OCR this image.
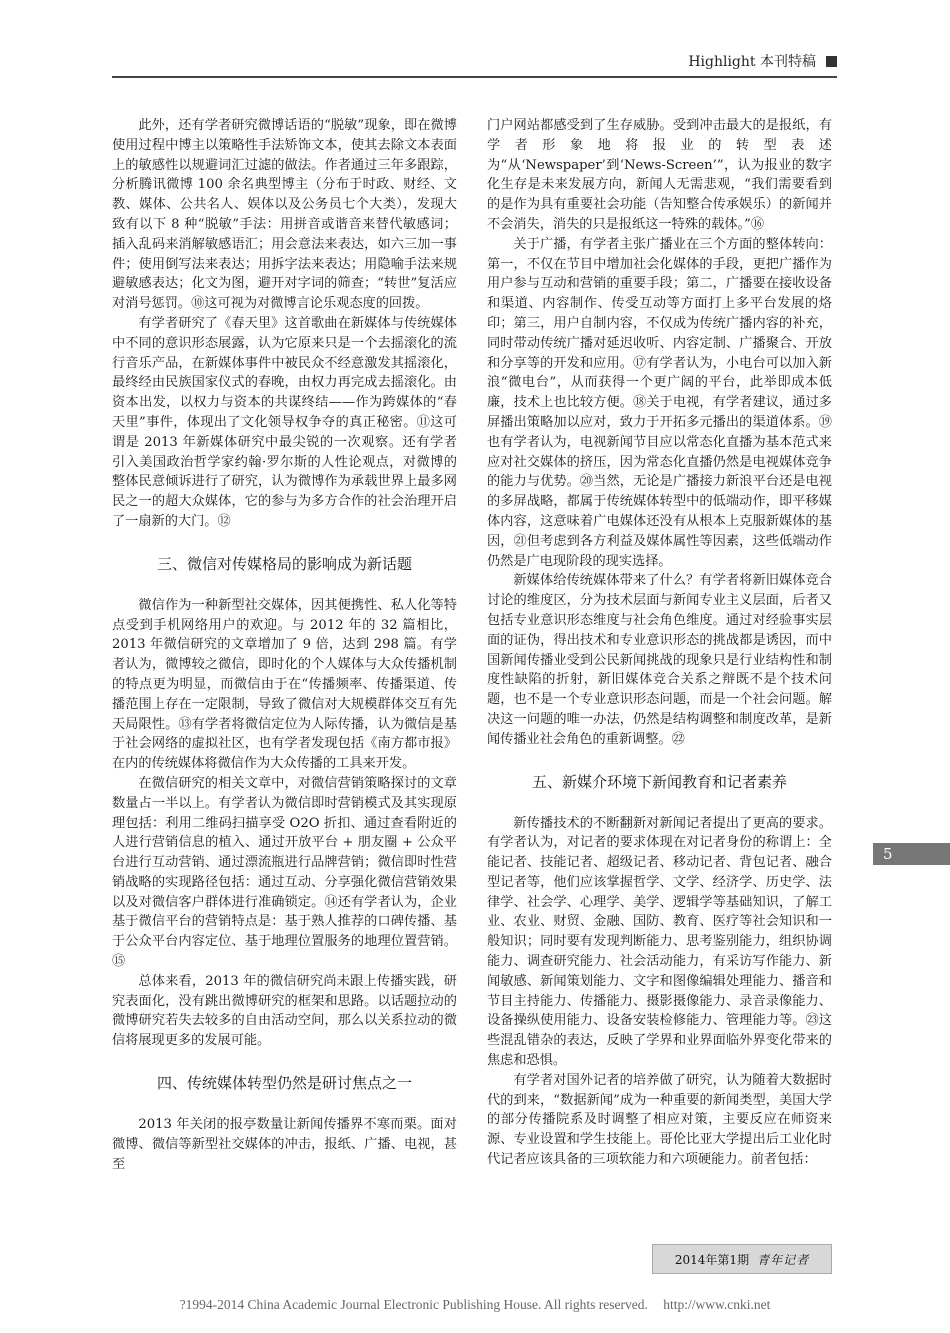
Highlight 本刊特稿

此外，还有学者研究微博话语的“脱敏”现象，即在微博使用过程中博主以策略性手法矫饰文本，使其去除文本表面上的敏感性以规避词汇过滤的做法。作者通过三年多跟踪，分析腾讯微博 100 余名典型博主（分布于时政、财经、文教、媒体、公共名人、娱体以及公务员七个大类），发现大致有以下 8 种“脱敏”手法：用拼音或谐音来替代敏感词；插入乱码来消解敏感语汇；用会意法来表达，如六三加一事件；使用倒写法来表达；用拆字法来表达；用隐喻手法来规避敏感表达；化文为图，避开对字词的筛查；“转世”复活应对消号惩罚。⑩这可视为对微博言论乐观态度的回拨。

有学者研究了《春天里》这首歌曲在新媒体与传统媒体中不同的意识形态展露，认为它原来只是一个去摇滚化的流行音乐产品，在新媒体事件中被民众不经意激发其摇滚化，最终经由民族国家仪式的春晚，由权力再完成去摇滚化。由资本出发，以权力与资本的共谋终结——作为跨媒体的“春天里”事件，体现出了文化领导权争夺的真正秘密。⑪这可谓是 2013 年新媒体研究中最尖锐的一次观察。还有学者引入美国政治哲学家约翰·罗尔斯的人性论观点，对微博的整体民意倾诉进行了研究，认为微博作为承载世界上最多网民之一的超大众媒体，它的参与为多方合作的社会治理开启了一扇新的大门。⑫

三、微信对传媒格局的影响成为新话题

微信作为一种新型社交媒体，因其便携性、私人化等特点受到手机网络用户的欢迎。与 2012 年的 32 篇相比，2013 年微信研究的文章增加了 9 倍，达到 298 篇。有学者认为，微博较之微信，即时化的个人媒体与大众传播机制的特点更为明显，而微信由于在“传播频率、传播渠道、传播范围上存在一定限制，导致了微信对大规模群体交互有先天局限性。⑬有学者将微信定位为人际传播，认为微信是基于社会网络的虚拟社区，也有学者发现包括《南方都市报》在内的传统媒体将微信作为大众传播的工具来开发。

在微信研究的相关文章中，对微信营销策略探讨的文章数量占一半以上。有学者认为微信即时营销模式及其实现原理包括：利用二维码扫描享受 O2O 折扣、通过查看附近的人进行营销信息的植入、通过开放平台 + 朋友圈 + 公众平台进行互动营销、通过漂流瓶进行品牌营销；微信即时性营销战略的实现路径包括：通过互动、分享强化微信营销效果以及对微信客户群体进行准确锁定。⑭还有学者认为，企业基于微信平台的营销特点是：基于熟人推荐的口碑传播、基于公众平台内容定位、基于地理位置服务的地理位置营销。⑮

总体来看，2013 年的微信研究尚未跟上传播实践，研究表面化，没有跳出微博研究的框架和思路。以话题拉动的微博研究若失去较多的自由活动空间，那么以关系拉动的微信将展现更多的发展可能。

四、传统媒体转型仍然是研讨焦点之一

2013 年关闭的报亭数量让新闻传播界不寒而栗。面对微博、微信等新型社交媒体的冲击，报纸、广播、电视，甚至

门户网站都感受到了生存威胁。受到冲击最大的是报纸，有学者形象地将报业的转型表述为“从‘Newspaper’到‘News-Screen’”，认为报业的数字化生存是未来发展方向，新闻人无需悲观，“我们需要看到的是作为具有重要社会功能（告知整合传承娱乐）的新闻并不会消失，消失的只是报纸这一特殊的载体。”⑯

关于广播，有学者主张广播业在三个方面的整体转向：第一，不仅在节目中增加社会化媒体的手段，更把广播作为用户参与互动和营销的重要手段；第二，广播要在接收设备和渠道、内容制作、传受互动等方面打上多平台发展的烙印；第三，用户自制内容，不仅成为传统广播内容的补充，同时带动传统广播对延迟收听、内容定制、广播聚合、开放和分享等的开发和应用。⑰有学者认为，小电台可以加入新浪“微电台”，从而获得一个更广阔的平台，此举即成本低廉，技术上也比较方便。⑱关于电视，有学者建议，通过多屏播出策略加以应对，致力于开拓多元播出的渠道体系。⑲也有学者认为，电视新闻节目应以常态化直播为基本范式来应对社交媒体的挤压，因为常态化直播仍然是电视媒体竞争的能力与优势。⑳当然，无论是广播接力新浪平台还是电视的多屏战略，都属于传统媒体转型中的低端动作，即平移媒体内容，这意味着广电媒体还没有从根本上克服新媒体的基因，㉑但考虑到各方利益及媒体属性等因素，这些低端动作仍然是广电现阶段的现实选择。

新媒体给传统媒体带来了什么？有学者将新旧媒体竞合讨论的维度区，分为技术层面与新闻专业主义层面，后者又包括专业意识形态维度与社会角色维度。通过对经验事实层面的证伪，得出技术和专业意识形态的挑战都是诱因，而中国新闻传播业受到公民新闻挑战的现象只是行业结构性和制度性缺陷的折射，新旧媒体竞合关系之辩既不是个技术问题，也不是一个专业意识形态问题，而是一个社会问题。解决这一问题的唯一办法，仍然是结构调整和制度改革，是新闻传播业社会角色的重新调整。㉒

五、新媒介环境下新闻教育和记者素养

新传播技术的不断翻新对新闻记者提出了更高的要求。有学者认为，对记者的要求体现在对记者身份的称谓上：全能记者、技能记者、超级记者、移动记者、背包记者、融合型记者等，他们应该掌握哲学、文学、经济学、历史学、法律学、社会学、心理学、美学、逻辑学等基础知识，了解工业、农业、财贸、金融、国防、教育、医疗等社会知识和一般知识；同时要有发现判断能力、思考鉴别能力，组织协调能力、调查研究能力、社会活动能力，有采访写作能力、新闻敏感、新闻策划能力、文字和图像编辑处理能力、播音和节目主持能力、传播能力、摄影摄像能力、录音录像能力、设备操纵使用能力、设备安装检修能力、管理能力等。㉓这些混乱错杂的表达，反映了学界和业界面临外界变化带来的焦虑和恐惧。

有学者对国外记者的培养做了研究，认为随着大数据时代的到来，“数据新闻”成为一种重要的新闻类型，美国大学的部分传播院系及时调整了相应对策，主要反应在师资来源、专业设置和学生技能上。哥伦比亚大学提出后工业化时代记者应该具备的三项软能力和六项硬能力。前者包括：

5
2014年第1期 青年记者
?1994-2014 China Academic Journal Electronic Publishing House. All rights reserved. http://www.cnki.net
